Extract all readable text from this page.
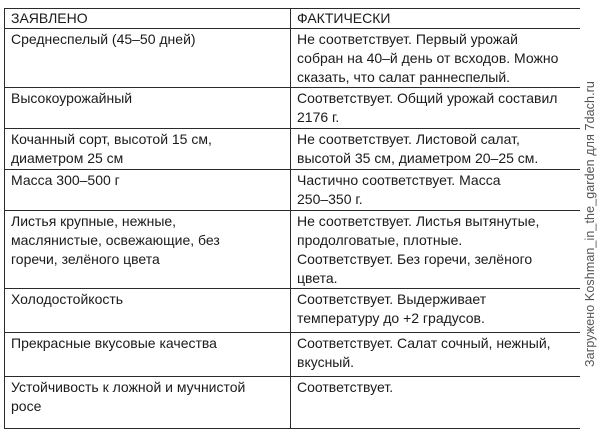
ЗАЯВЛЕНО	ФАКТИЧЕСКИ

Среднеспелый (45–50 дней)	Не соответствует. Первый урожай
собран на 40–й день от всходов. Можно
сказать, что салат раннеспелый.

Высокоурожайный	Соответствует. Общий урожай составил
2176 г.

Кочанный сорт, высотой 15 см,
диаметром 25 см	Не соответствует. Листовой салат,
высотой 35 см, диаметром 20–25 см.

Масса 300–500 г	Частично соответствует. Масса
250–350 г.

Листья крупные, нежные,
маслянистые, освежающие, без
горечи, зелёного цвета	Не соответствует. Листья вытянутые,
продолговатые, плотные.
Соответствует. Без горечи, зелёного
цвета.

Холодостойкость	Соответствует. Выдерживает
температуру до +2 градусов.

Прекрасные вкусовые качества	Соответствует. Салат сочный, нежный,
вкусный.

Устойчивость к ложной и мучнистой
росе	Соответствует.
Загружено Koshman_in_the_garden для 7dach.ru
